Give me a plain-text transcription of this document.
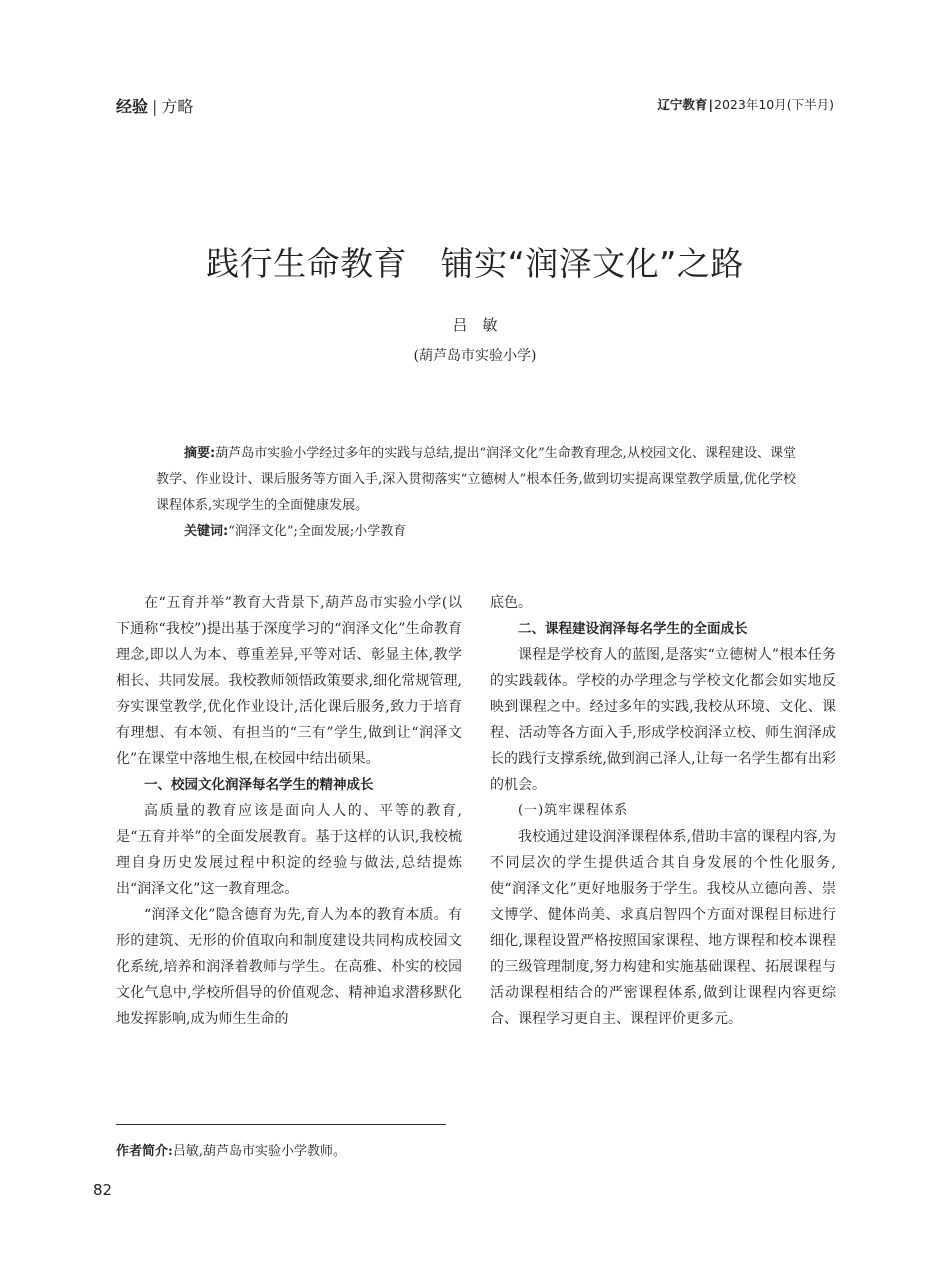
经验 | 方略	辽宁教育|2023年10月(下半月)
践行生命教育　铺实“润泽文化”之路
吕　敏
(葫芦岛市实验小学)

摘要:葫芦岛市实验小学经过多年的实践与总结,提出“润泽文化”生命教育理念,从校园文化、课程建设、课堂教学、作业设计、课后服务等方面入手,深入贯彻落实“立德树人”根本任务,做到切实提高课堂教学质量,优化学校课程体系,实现学生的全面健康发展。

关键词:“润泽文化”;全面发展;小学教育

在“五育并举”教育大背景下,葫芦岛市实验小学(以下通称“我校”)提出基于深度学习的“润泽文化”生命教育理念,即以人为本、尊重差异,平等对话、彰显主体,教学相长、共同发展。我校教师领悟政策要求,细化常规管理,夯实课堂教学,优化作业设计,活化课后服务,致力于培育有理想、有本领、有担当的“三有”学生,做到让“润泽文化”在课堂中落地生根,在校园中结出硕果。

一、校园文化润泽每名学生的精神成长

高质量的教育应该是面向人人的、平等的教育,是“五育并举”的全面发展教育。基于这样的认识,我校梳理自身历史发展过程中积淀的经验与做法,总结提炼出“润泽文化”这一教育理念。

“润泽文化”隐含德育为先,育人为本的教育本质。有形的建筑、无形的价值取向和制度建设共同构成校园文化系统,培养和润泽着教师与学生。在高雅、朴实的校园文化气息中,学校所倡导的价值观念、精神追求潜移默化地发挥影响,成为师生生命的

底色。

二、课程建设润泽每名学生的全面成长

课程是学校育人的蓝图,是落实“立德树人”根本任务的实践载体。学校的办学理念与学校文化都会如实地反映到课程之中。经过多年的实践,我校从环境、文化、课程、活动等各方面入手,形成学校润泽立校、师生润泽成长的践行支撑系统,做到润己泽人,让每一名学生都有出彩的机会。

(一)筑牢课程体系

我校通过建设润泽课程体系,借助丰富的课程内容,为不同层次的学生提供适合其自身发展的个性化服务,使“润泽文化”更好地服务于学生。我校从立德向善、崇文博学、健体尚美、求真启智四个方面对课程目标进行细化,课程设置严格按照国家课程、地方课程和校本课程的三级管理制度,努力构建和实施基础课程、拓展课程与活动课程相结合的严密课程体系,做到让课程内容更综合、课程学习更自主、课程评价更多元。

作者简介:吕敏,葫芦岛市实验小学教师。
82
